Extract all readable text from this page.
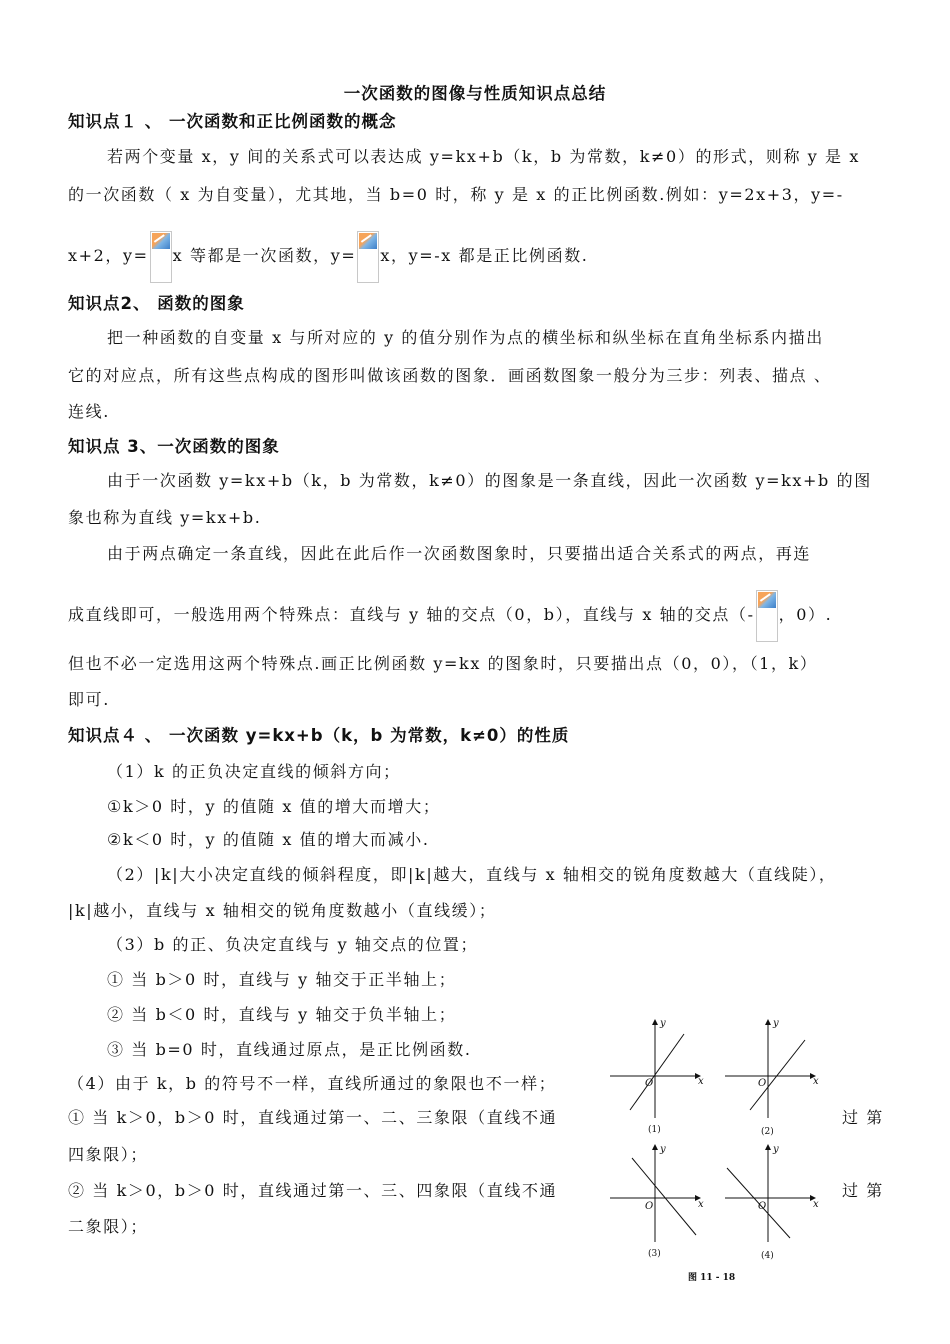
一次函数的图像与性质知识点总结
知识点１ 、 一次函数和正比例函数的概念
若两个变量 x，y 间的关系式可以表达成 y=kx+b（k，b 为常数，k≠0）的形式，则称 y 是 x
的一次函数（ x 为自变量），尤其地，当 b=0 时，称 y 是 x 的正比例函数.例如：y=2x+3，y=-
x+2，y= x 等都是一次函数，y= x，y=-x 都是正比例函数.
知识点2、 函数的图象
把一种函数的自变量 x 与所对应的 y 的值分别作为点的横坐标和纵坐标在直角坐标系内描出
它的对应点，所有这些点构成的图形叫做该函数的图象．画函数图象一般分为三步：列表、描点 、
连线.
知识点 3、一次函数的图象
由于一次函数 y=kx+b（k，b 为常数，k≠0）的图象是一条直线，因此一次函数 y=kx+b 的图
象也称为直线 y=kx+b.
由于两点确定一条直线，因此在此后作一次函数图象时，只要描出适合关系式的两点，再连
成直线即可，一般选用两个特殊点：直线与 y 轴的交点（0，b），直线与 x 轴的交点（- ，0）.
但也不必一定选用这两个特殊点.画正比例函数 y=kx 的图象时，只要描出点（0，0），（1，k）
即可.
知识点４ 、 一次函数 y=kx+b（k，b 为常数，k≠0）的性质
（1）k 的正负决定直线的倾斜方向；
①k＞0 时，y 的值随 x 值的增大而增大；
②k＜0 时，y 的值随 x 值的增大而减小.
（2）|k|大小决定直线的倾斜程度，即|k|越大，直线与 x 轴相交的锐角度数越大（直线陡），
|k|越小，直线与 x 轴相交的锐角度数越小（直线缓）；
（3）b 的正、负决定直线与 y 轴交点的位置；
① 当 b＞0 时，直线与 y 轴交于正半轴上；
② 当 b＜0 时，直线与 y 轴交于负半轴上；
③ 当 b=0 时，直线通过原点，是正比例函数.
（4）由于 k，b 的符号不一样，直线所通过的象限也不一样；
① 当 k＞0，b＞0 时，直线通过第一、二、三象限（直线不通	过 第
四象限）；
② 当 k＞0，b＞0 时，直线通过第一、三、四象限（直线不通	过 第
二象限）；
y
x
O
y
x
O
y
x
O
y
x
O
(1)	(2)
(3)	(4)
图 11 - 18
